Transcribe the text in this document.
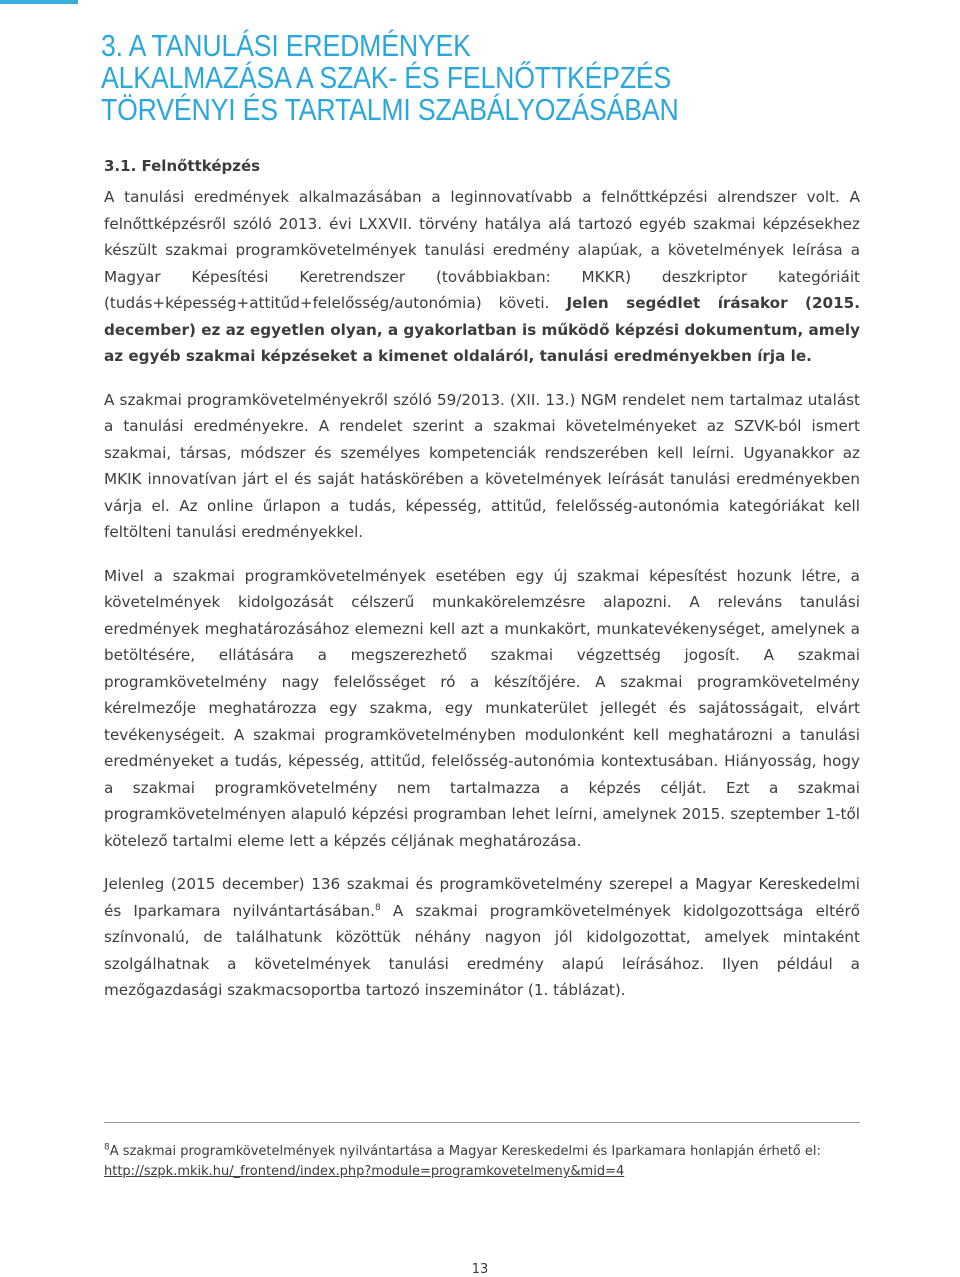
3. A TANULÁSI EREDMÉNYEK
ALKALMAZÁSA A SZAK- ÉS FELNŐTTKÉPZÉS
TÖRVÉNYI ÉS TARTALMI SZABÁLYOZÁSÁBAN
3.1. Felnőttképzés

A tanulási eredmények alkalmazásában a leginnovatívabb a felnőttképzési alrendszer volt. A felnőttképzésről szóló 2013. évi LXXVII. törvény hatálya alá tartozó egyéb szakmai képzésekhez készült szakmai programkövetelmények tanulási eredmény alapúak, a követelmények leírása a Magyar Képesítési Keretrendszer (továbbiakban: MKKR) deszkriptor kategóriáit (tudás+képesség+attitűd+felelősség/autonómia) követi. Jelen segédlet írásakor (2015. december) ez az egyetlen olyan, a gyakorlatban is működő képzési dokumentum, amely az egyéb szakmai képzéseket a kimenet oldaláról, tanulási eredményekben írja le.

A szakmai programkövetelményekről szóló 59/2013. (XII. 13.) NGM rendelet nem tartalmaz utalást a tanulási eredményekre. A rendelet szerint a szakmai követelményeket az SZVK-ból ismert szakmai, társas, módszer és személyes kompetenciák rendszerében kell leírni. Ugyanakkor az MKIK innovatívan járt el és saját hatáskörében a követelmények leírását tanulási eredményekben várja el. Az online űrlapon a tudás, képesség, attitűd, felelősség-autonómia kategóriákat kell feltölteni tanulási eredményekkel.

Mivel a szakmai programkövetelmények esetében egy új szakmai képesítést hozunk létre, a követelmények kidolgozását célszerű munkakörelemzésre alapozni. A releváns tanulási eredmények meghatározásához elemezni kell azt a munkakört, munkatevékenységet, amelynek a betöltésére, ellátására a megszerezhető szakmai végzettség jogosít. A szakmai programkövetelmény nagy felelősséget ró a készítőjére. A szakmai programkövetelmény kérelmezője meghatározza egy szakma, egy munkaterület jellegét és sajátosságait, elvárt tevékenységeit. A szakmai programkövetelményben modulonként kell meghatározni a tanulási eredményeket a tudás, képesség, attitűd, felelősség-autonómia kontextusában. Hiányosság, hogy a szakmai programkövetelmény nem tartalmazza a képzés célját. Ezt a szakmai programkövetelményen alapuló képzési programban lehet leírni, amelynek 2015. szeptember 1-től kötelező tartalmi eleme lett a képzés céljának meghatározása.

Jelenleg (2015 december) 136 szakmai és programkövetelmény szerepel a Magyar Kereskedelmi és Iparkamara nyilvántartásában.$^8$ A szakmai programkövetelmények kidolgozottsága eltérő színvonalú, de találhatunk közöttük néhány nagyon jól kidolgozottat, amelyek mintaként szolgálhatnak a követelmények tanulási eredmény alapú leírásához. Ilyen például a mezőgazdasági szakmacsoportba tartozó inszeminátor (1. táblázat).

$^8$A szakmai programkövetelmények nyilvántartása a Magyar Kereskedelmi és Iparkamara honlapján érhető el:
http://szpk.mkik.hu/_frontend/index.php?module=programkovetelmeny&mid=4
13
